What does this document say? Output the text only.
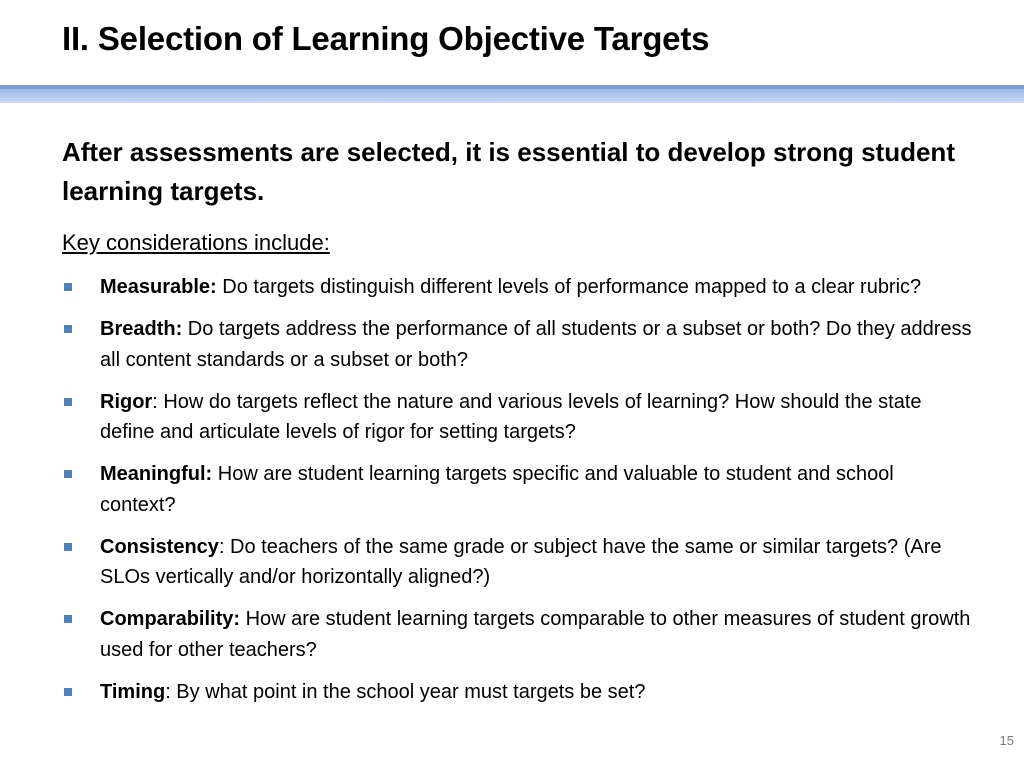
II. Selection of Learning Objective Targets
After assessments are selected, it is essential to develop strong student learning targets.
Key considerations include:
Measurable: Do targets distinguish different levels of performance mapped to a clear rubric?
Breadth: Do targets address the performance of all students or a subset or both? Do they address all content standards or a subset or both?
Rigor: How do targets reflect the nature and various levels of learning? How should the state define and articulate levels of rigor for setting targets?
Meaningful: How are student learning targets specific and valuable to student and school context?
Consistency: Do teachers of the same grade or subject have the same or similar targets? (Are SLOs vertically and/or horizontally aligned?)
Comparability: How are student learning targets comparable to other measures of student growth used for other teachers?
Timing: By what point in the school year must targets be set?
15
